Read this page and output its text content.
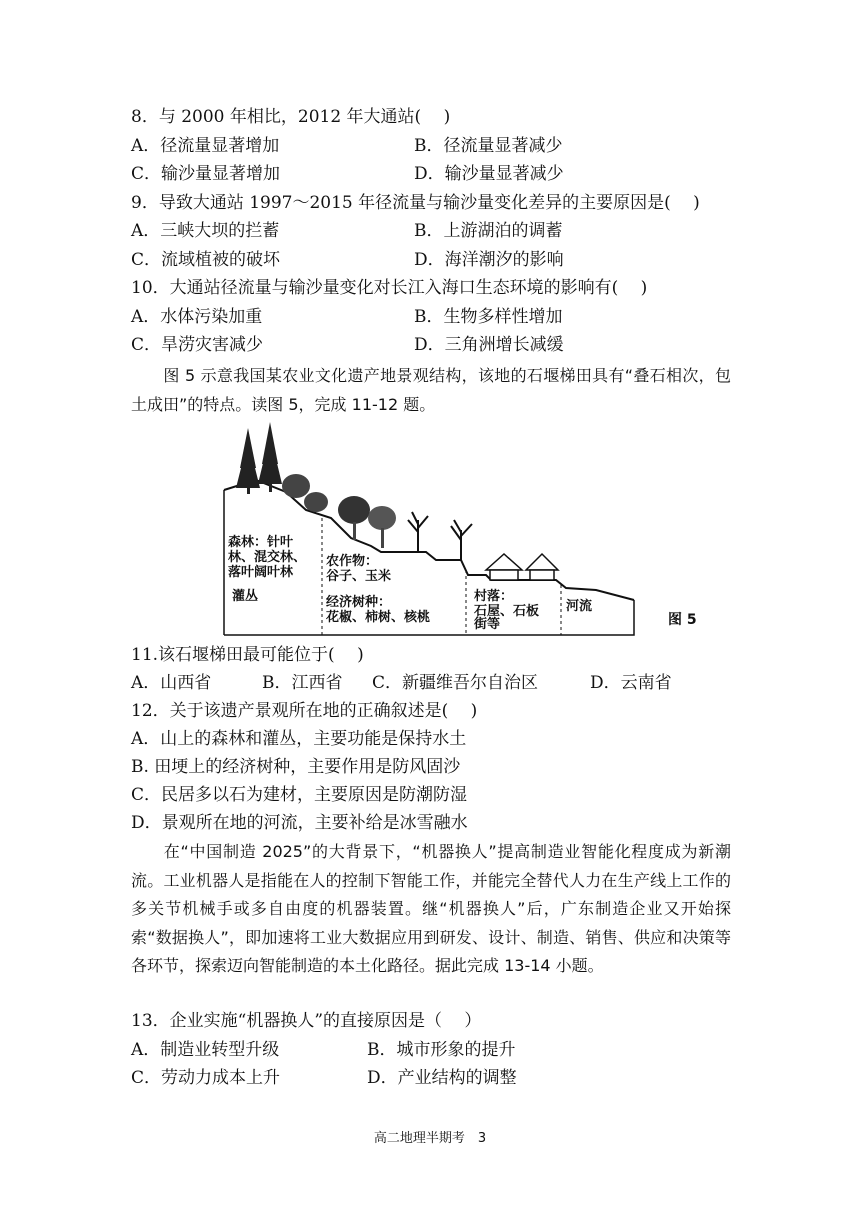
8．与 2000 年相比，2012 年大通站(　 )
A．径流量显著增加	B．径流量显著减少
C．输沙量显著增加	D．输沙量显著减少
9．导致大通站 1997～2015 年径流量与输沙量变化差异的主要原因是(　 )
A．三峡大坝的拦蓄	B．上游湖泊的调蓄
C．流域植被的破坏	D．海洋潮汐的影响
10．大通站径流量与输沙量变化对长江入海口生态环境的影响有(　 )
A．水体污染加重	B．生物多样性增加
C．旱涝灾害减少	D．三角洲增长减缓
图 5 示意我国某农业文化遗产地景观结构，该地的石堰梯田具有“叠石相次，包土成田”的特点。读图 5，完成 11-12 题。
森林：针叶
林、混交林、
落叶阔叶林
灌丛
农作物：
谷子、玉米
经济树种：
花椒、柿树、核桃
村落：
石屋、石板
街等
河流
图 5
11.该石堰梯田最可能位于(　 )
A．山西省	B．江西省 C．新疆维吾尔自治区	D．云南省
12．关于该遗产景观所在地的正确叙述是(　 )
A．山上的森林和灌丛，主要功能是保持水土
B. 田埂上的经济树种，主要作用是防风固沙
C．民居多以石为建材，主要原因是防潮防湿
D．景观所在地的河流，主要补给是冰雪融水
在“中国制造 2025”的大背景下，“机器换人”提高制造业智能化程度成为新潮流。工业机器人是指能在人的控制下智能工作，并能完全替代人力在生产线上工作的多关节机械手或多自由度的机器装置。继“机器换人”后，广东制造企业又开始探索“数据换人”，即加速将工业大数据应用到研发、设计、制造、销售、供应和决策等各环节，探索迈向智能制造的本土化路径。据此完成 13-14 小题。
13．企业实施“机器换人”的直接原因是（　 ）
A．制造业转型升级	B．城市形象的提升
C．劳动力成本上升	D．产业结构的调整
高二地理半期考　3
